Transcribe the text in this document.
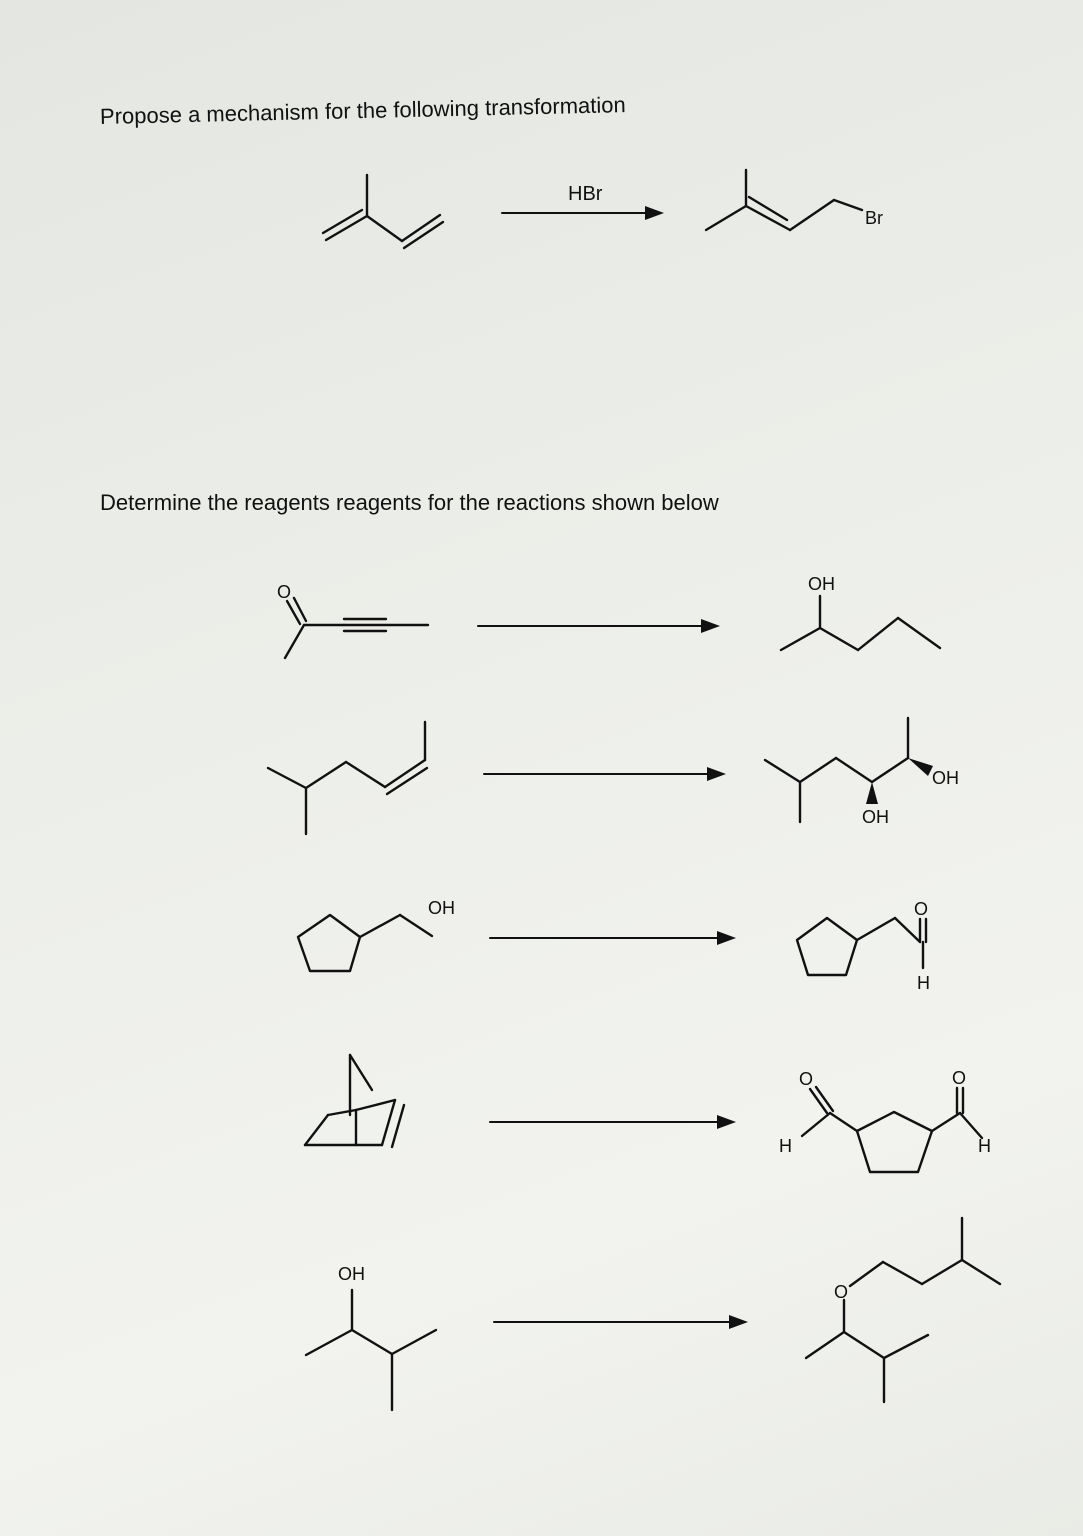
Propose a mechanism for the following transformation
Determine the reagents reagents for the reactions shown below
HBr
Br
O	OH
OH
OH
OH	O
H
O
H
O
H
OH
O
